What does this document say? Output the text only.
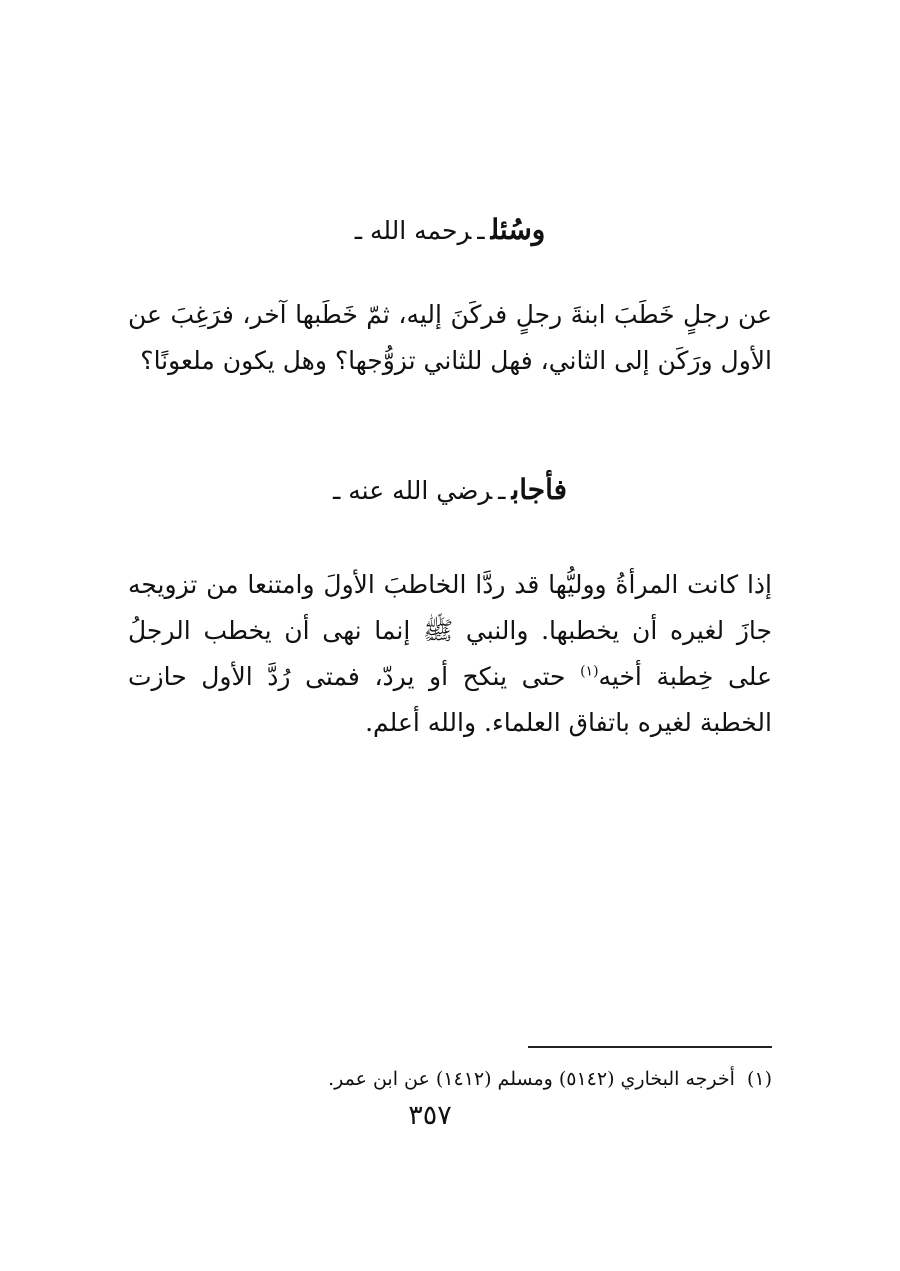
وسُئلـرحمه الله ـ
عن رجلٍ خَطَبَ ابنةَ رجلٍ فركَنَ إليه، ثمّ خَطَبها آخر، فرَغِبَ عن الأول ورَكَن إلى الثاني، فهل للثاني تزوُّجها؟ وهل يكون ملعونًا؟
فأجابـرضي الله عنه ـ
إذا كانت المرأةُ ووليُّها قد ردَّا الخاطبَ الأولَ وامتنعا من تزويجه جازَ لغيره أن يخطبها. والنبي ﷺ إنما نهى أن يخطب الرجلُ على خِطبة أخيه$^{(١)}$ حتى ينكح أو يردّ، فمتى رُدَّ الأول حازت الخطبة لغيره باتفاق العلماء. والله أعلم.
(١)أخرجه البخاري (٥١٤٢) ومسلم (١٤١٢) عن ابن عمر.
٣٥٧
